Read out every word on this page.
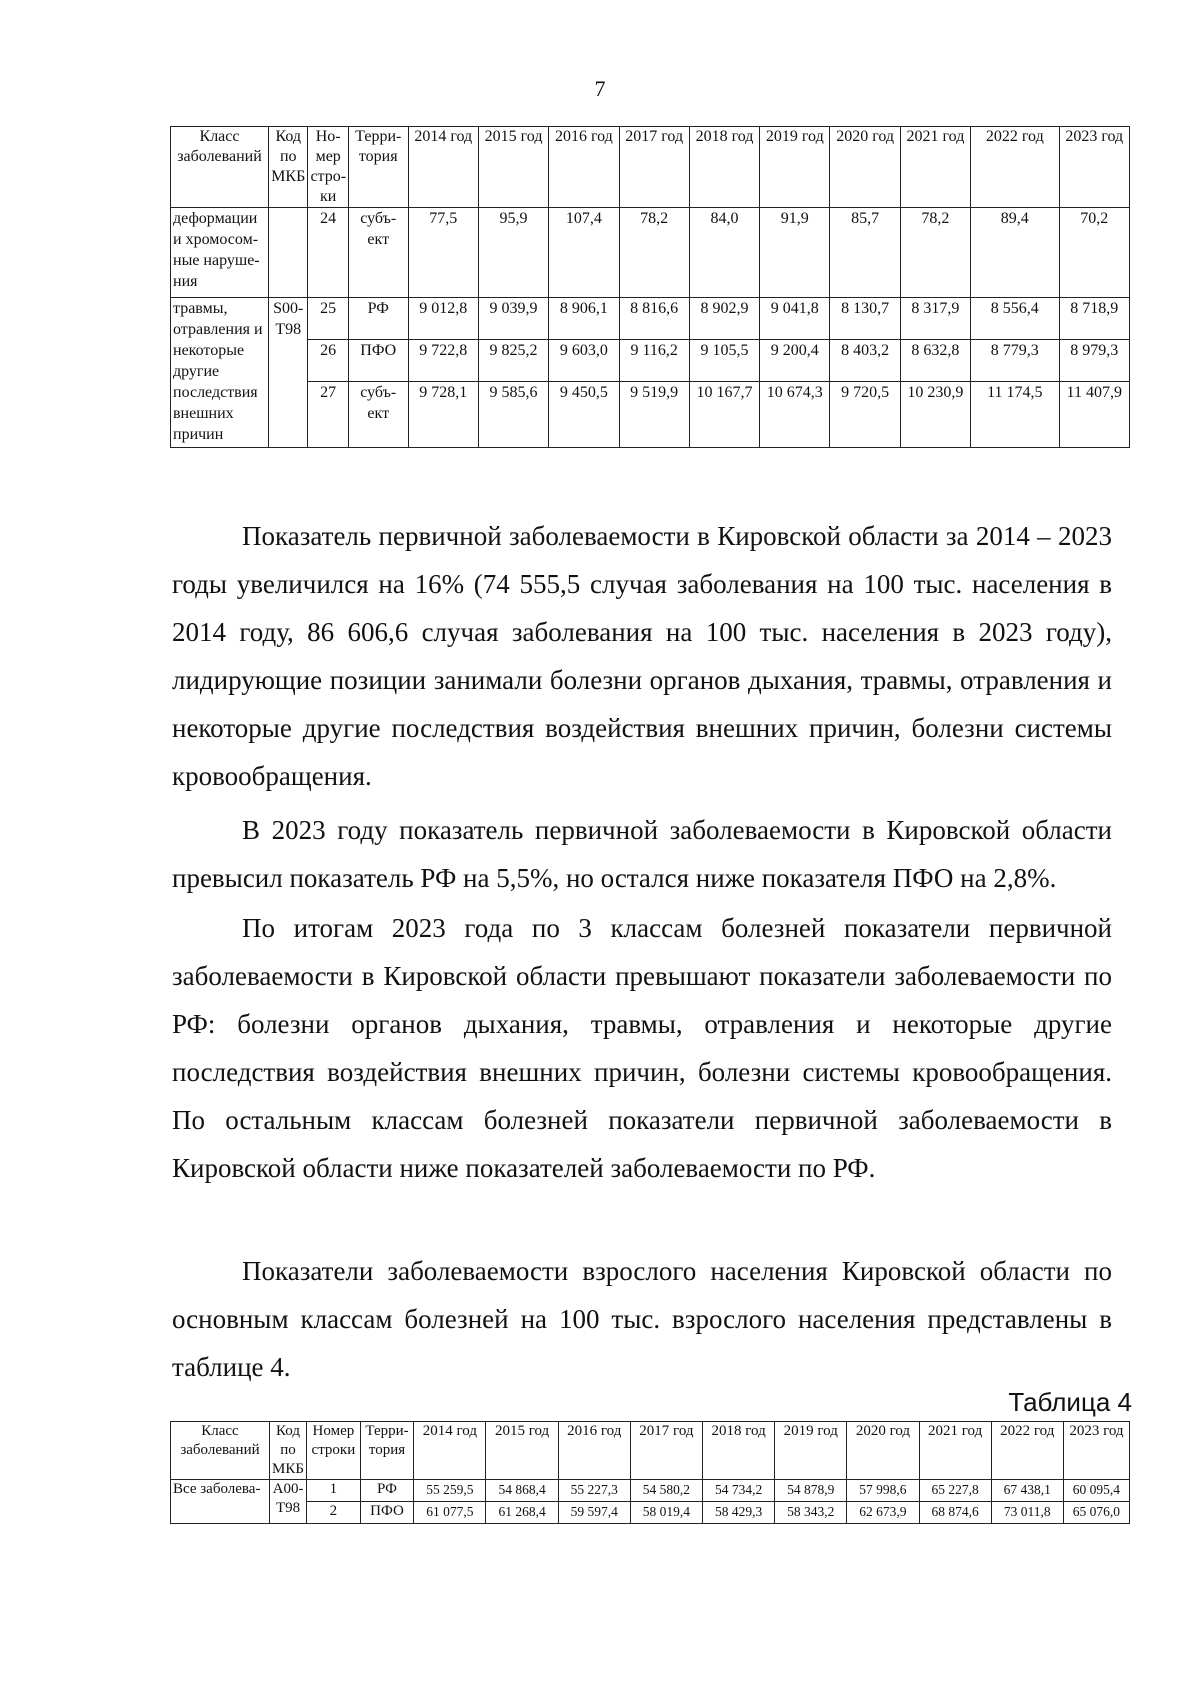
7
Класс заболеваний	Код по МКБ	Но-мер стро-ки	Терри-тория	2014 год	2015 год	2016 год	2017 год	2018 год	2019 год	2020 год	2021 год	2022 год	2023 год
деформации и хромосом-ные наруше-ния		24	субъ-ект	77,5	95,9	107,4	78,2	84,0	91,9	85,7	78,2	89,4	70,2
травмы, отравления и некоторые другие последствия внешних причин	S00-T98	25	РФ	9 012,8	9 039,9	8 906,1	8 816,6	8 902,9	9 041,8	8 130,7	8 317,9	8 556,4	8 718,9
		26	ПФО	9 722,8	9 825,2	9 603,0	9 116,2	9 105,5	9 200,4	8 403,2	8 632,8	8 779,3	8 979,3
		27	субъ-ект	9 728,1	9 585,6	9 450,5	9 519,9	10 167,7	10 674,3	9 720,5	10 230,9	11 174,5	11 407,9

Показатель первичной заболеваемости в Кировской области за 2014 – 2023 годы увеличился на 16% (74 555,5 случая заболевания на 100 тыс. населения в 2014 году, 86 606,6 случая заболевания на 100 тыс. населения в 2023 году), лидирующие позиции занимали болезни органов дыхания, травмы, отравления и некоторые другие последствия воздействия внешних причин, болезни системы кровообращения.

В 2023 году показатель первичной заболеваемости в Кировской области превысил показатель РФ на 5,5%, но остался ниже показателя ПФО на 2,8%.

По итогам 2023 года по 3 классам болезней показатели первичной заболеваемости в Кировской области превышают показатели заболеваемости по РФ: болезни органов дыхания, травмы, отравления и некоторые другие последствия воздействия внешних причин, болезни системы кровообращения. По остальным классам болезней показатели первичной заболеваемости в Кировской области ниже показателей заболеваемости по РФ.

Показатели заболеваемости взрослого населения Кировской области по основным классам болезней на 100 тыс. взрослого населения представлены в таблице 4.

Таблица 4
Класс заболеваний	Код по МКБ	Номер строки	Терри-тория	2014 год	2015 год	2016 год	2017 год	2018 год	2019 год	2020 год	2021 год	2022 год	2023 год
Все заболева-	A00-T98	1	РФ	55 259,5	54 868,4	55 227,3	54 580,2	54 734,2	54 878,9	57 998,6	65 227,8	67 438,1	60 095,4
		2	ПФО	61 077,5	61 268,4	59 597,4	58 019,4	58 429,3	58 343,2	62 673,9	68 874,6	73 011,8	65 076,0
